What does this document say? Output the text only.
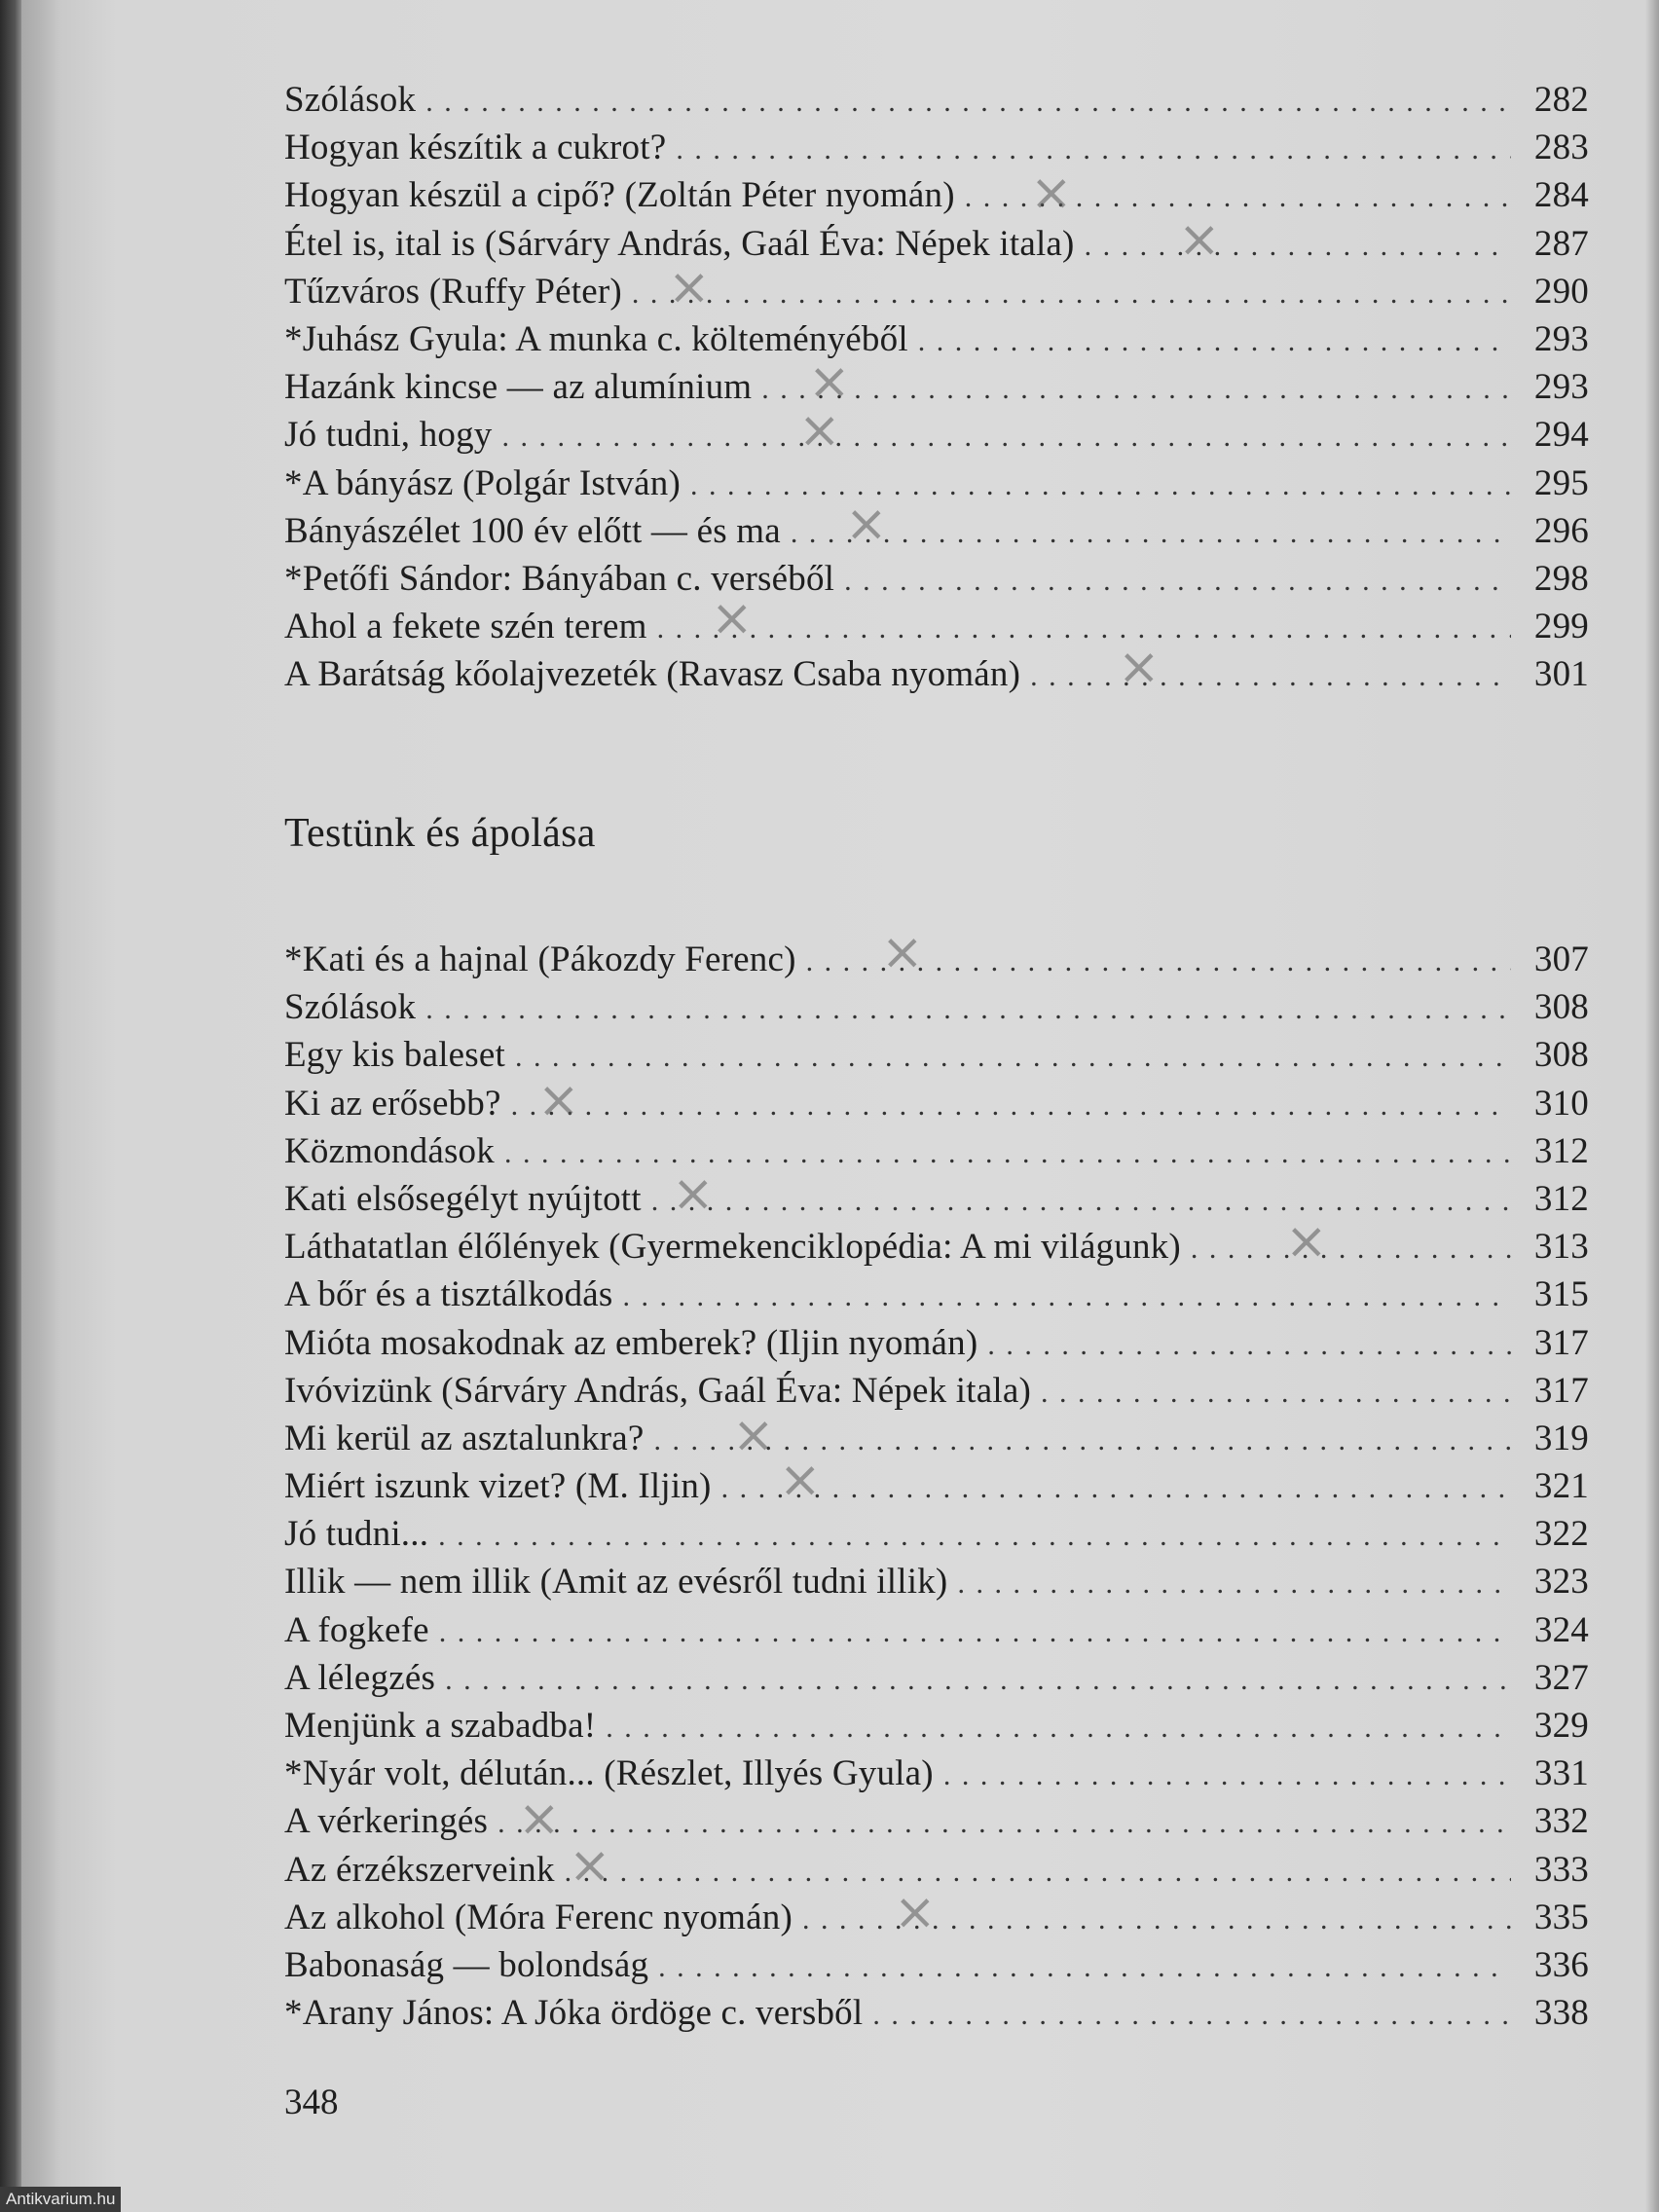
Szólások . . .	282
Hogyan készítik a cukrot? . . .	283
Hogyan készül a cipő? (Zoltán Péter nyomán) . . .	284
Étel is, ital is (Sárváry András, Gaál Éva: Népek itala) . . .	287
Tűzváros (Ruffy Péter) . . .	290
*Juhász Gyula: A munka c. költeményéből . . .	293
Hazánk kincse — az alumínium . . .	293
Jó tudni, hogy . . .	294
*A bányász (Polgár István) . . .	295
Bányászélet 100 év előtt — és ma . . .	296
*Petőfi Sándor: Bányában c. verséből . . .	298
Ahol a fekete szén terem . . .	299
A Barátság kőolajvezeték (Ravasz Csaba nyomán) . . .	301
Testünk és ápolása
*Kati és a hajnal (Pákozdy Ferenc) . . .	307
Szólások . . .	308
Egy kis baleset . . .	308
Ki az erősebb? . . .	310
Közmondások . . .	312
Kati elsősegélyt nyújtott . . .	312
Láthatatlan élőlények (Gyermekenciklopédia: A mi világunk) . . .	313
A bőr és a tisztálkodás . . .	315
Mióta mosakodnak az emberek? (Iljin nyomán) . . .	317
Ivóvizünk (Sárváry András, Gaál Éva: Népek itala) . . .	317
Mi kerül az asztalunkra? . . .	319
Miért iszunk vizet? (M. Iljin) . . .	321
Jó tudni... . . .	322
Illik — nem illik (Amit az evésről tudni illik) . . .	323
A fogkefe . . .	324
A lélegzés . . .	327
Menjünk a szabadba! . . .	329
*Nyár volt, délután... (Részlet, Illyés Gyula) . . .	331
A vérkeringés . . .	332
Az érzékszerveink . . .	333
Az alkohol (Móra Ferenc nyomán) . . .	335
Babonaság — bolondság . . .	336
*Arany János: A Jóka ördöge c. versből . . .	338
348
×
×
×
×
×
×
×
×
×
×
×
×
×
×
×
×
×
Antikvarium.hu
